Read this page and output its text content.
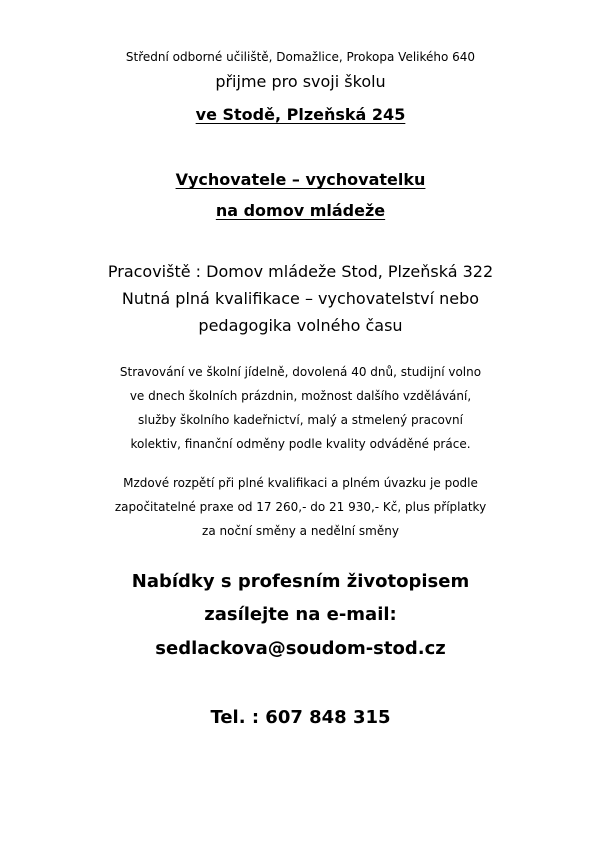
Střední odborné učiliště, Domažlice, Prokopa Velikého 640
přijme pro svoji školu
ve Stodě, Plzeňská 245
Vychovatele – vychovatelku
na domov mládeže
Pracoviště : Domov mládeže Stod, Plzeňská 322
Nutná plná kvalifikace – vychovatelství nebo
pedagogika volného času
Stravování ve školní jídelně, dovolená 40 dnů, studijní volno
ve dnech školních prázdnin, možnost dalšího vzdělávání,
služby školního kadeřnictví, malý a stmelený pracovní
kolektiv, finanční odměny podle kvality odváděné práce.
Mzdové rozpětí při plné kvalifikaci a plném úvazku je podle
započitatelné praxe od 17 260,- do 21 930,- Kč, plus příplatky
za noční směny a nedělní směny
Nabídky s profesním životopisem
zasílejte na e-mail:
sedlackova@soudom-stod.cz
Tel. : 607 848 315
